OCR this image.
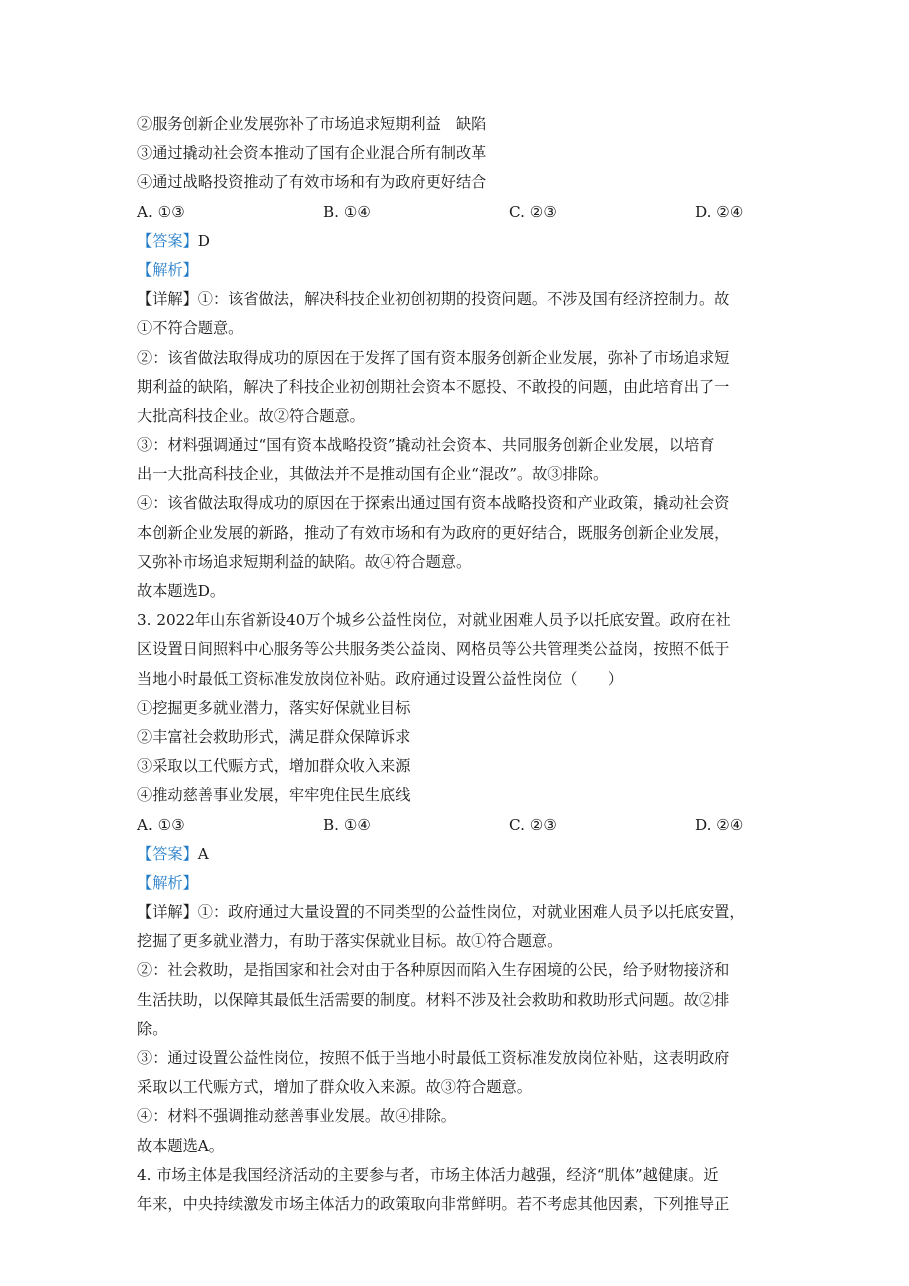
②服务创新企业发展弥补了市场追求短期利益　缺陷
③通过撬动社会资本推动了国有企业混合所有制改革
④通过战略投资推动了有效市场和有为政府更好结合
A. ①③	B. ①④	C. ②③	D. ②④
【答案】D
【解析】
【详解】①：该省做法，解决科技企业初创初期的投资问题。不涉及国有经济控制力。故
①不符合题意。
②：该省做法取得成功的原因在于发挥了国有资本服务创新企业发展，弥补了市场追求短
期利益的缺陷，解决了科技企业初创期社会资本不愿投、不敢投的问题，由此培育出了一
大批高科技企业。故②符合题意。
③：材料强调通过“国有资本战略投资”撬动社会资本、共同服务创新企业发展，以培育
出一大批高科技企业，其做法并不是推动国有企业“混改”。故③排除。
④：该省做法取得成功的原因在于探索出通过国有资本战略投资和产业政策，撬动社会资
本创新企业发展的新路，推动了有效市场和有为政府的更好结合，既服务创新企业发展，
又弥补市场追求短期利益的缺陷。故④符合题意。
故本题选D。
3. 2022年山东省新设40万个城乡公益性岗位，对就业困难人员予以托底安置。政府在社
区设置日间照料中心服务等公共服务类公益岗、网格员等公共管理类公益岗，按照不低于
当地小时最低工资标准发放岗位补贴。政府通过设置公益性岗位（　　）
①挖掘更多就业潜力，落实好保就业目标
②丰富社会救助形式，满足群众保障诉求
③采取以工代赈方式，增加群众收入来源
④推动慈善事业发展，牢牢兜住民生底线
A. ①③	B. ①④	C. ②③	D. ②④
【答案】A
【解析】
【详解】①：政府通过大量设置的不同类型的公益性岗位，对就业困难人员予以托底安置，
挖掘了更多就业潜力，有助于落实保就业目标。故①符合题意。
②：社会救助，是指国家和社会对由于各种原因而陷入生存困境的公民，给予财物接济和
生活扶助，以保障其最低生活需要的制度。材料不涉及社会救助和救助形式问题。故②排
除。
③：通过设置公益性岗位，按照不低于当地小时最低工资标准发放岗位补贴，这表明政府
采取以工代赈方式，增加了群众收入来源。故③符合题意。
④：材料不强调推动慈善事业发展。故④排除。
故本题选A。
4. 市场主体是我国经济活动的主要参与者，市场主体活力越强，经济“肌体”越健康。近
年来，中央持续激发市场主体活力的政策取向非常鲜明。若不考虑其他因素，下列推导正
